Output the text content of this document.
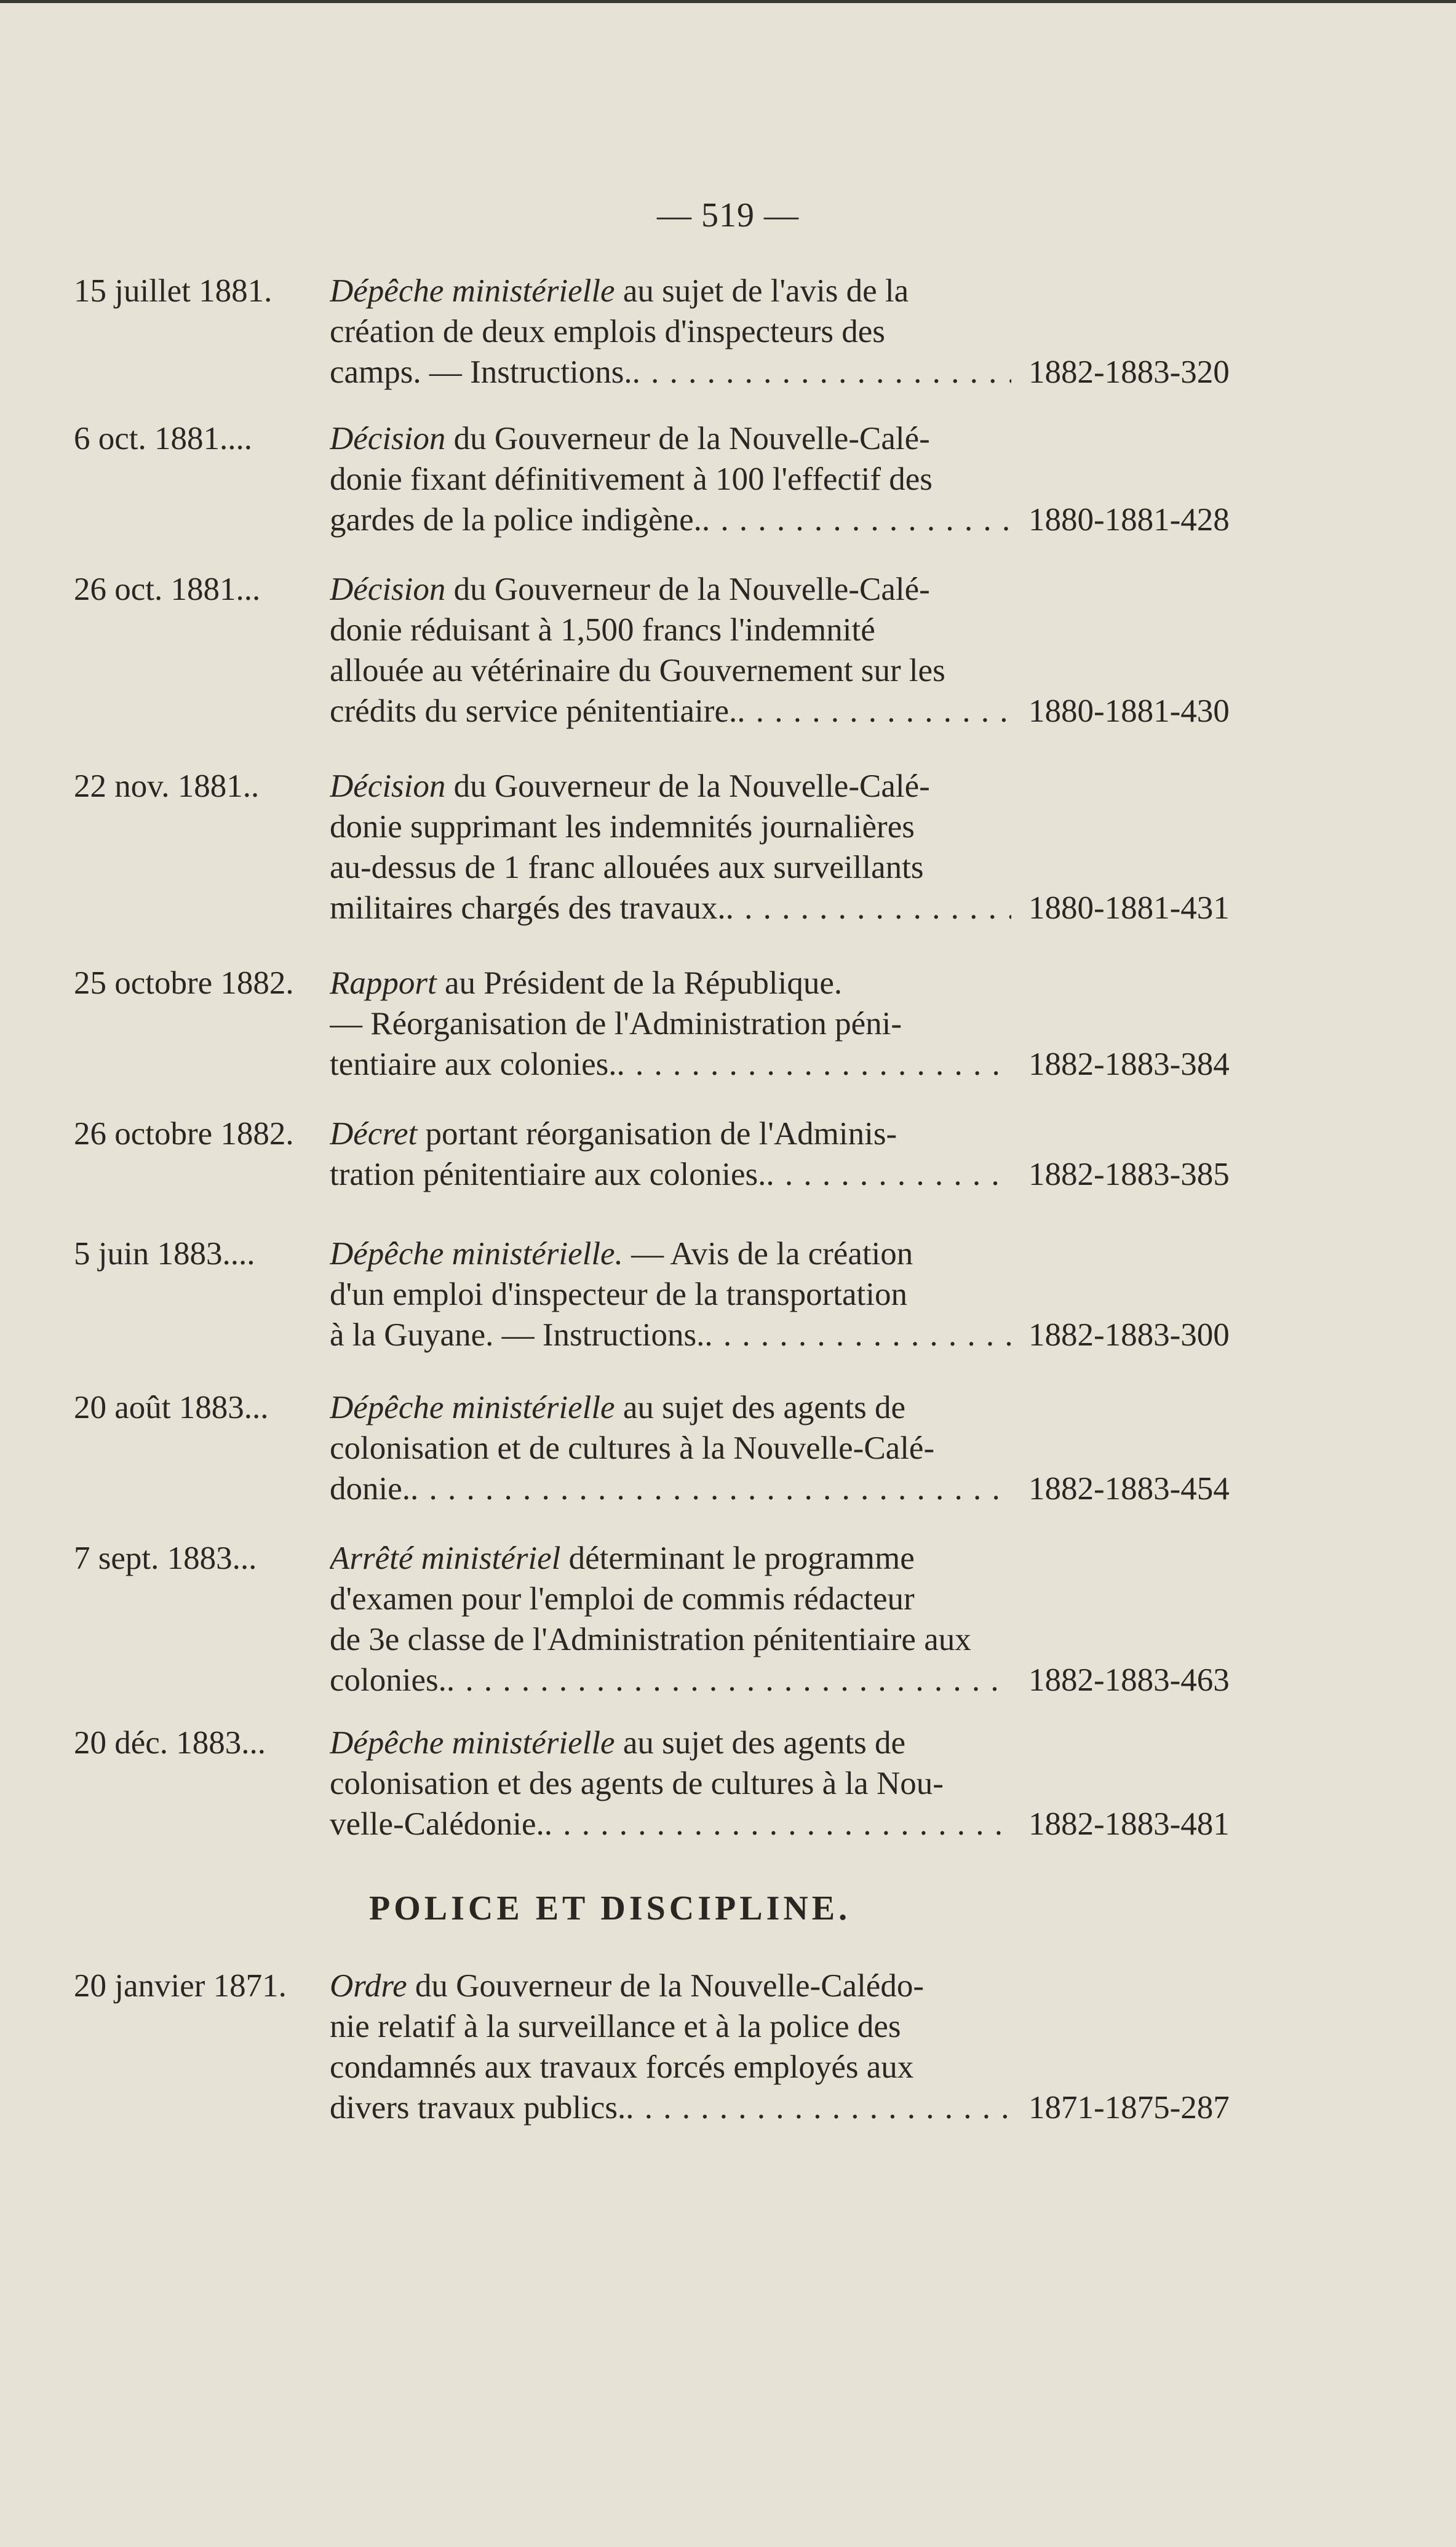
— 519 —
15 juillet 1881. Dépêche ministérielle au sujet de l'avis de la
création de deux emplois d'inspecteurs des
camps. — Instructions. . . .	1882-1883-320
6 oct. 1881.... Décision du Gouverneur de la Nouvelle-Calé-
donie fixant définitivement à 100 l'effectif des
gardes de la police indigène. . . .	1880-1881-428
26 oct. 1881... Décision du Gouverneur de la Nouvelle-Calé-
donie réduisant à 1,500 francs l'indemnité
allouée au vétérinaire du Gouvernement sur les
crédits du service pénitentiaire. . . .	1880-1881-430
22 nov. 1881.. Décision du Gouverneur de la Nouvelle-Calé-
donie supprimant les indemnités journalières
au-dessus de 1 franc allouées aux surveillants
militaires chargés des travaux. . . .	1880-1881-431
25 octobre 1882. Rapport au Président de la République.
— Réorganisation de l'Administration péni-
tentiaire aux colonies. . . .	1882-1883-384
26 octobre 1882. Décret portant réorganisation de l'Adminis-
tration pénitentiaire aux colonies. . . .	1882-1883-385
5 juin 1883.... Dépêche ministérielle. — Avis de la création
d'un emploi d'inspecteur de la transportation
à la Guyane. — Instructions. . . .	1882-1883-300
20 août 1883... Dépêche ministérielle au sujet des agents de
colonisation et de cultures à la Nouvelle-Calé-
donie. . . .	1882-1883-454
7 sept. 1883... Arrêté ministériel déterminant le programme
d'examen pour l'emploi de commis rédacteur
de 3e classe de l'Administration pénitentiaire aux
colonies. . . .	1882-1883-463
20 déc. 1883... Dépêche ministérielle au sujet des agents de
colonisation et des agents de cultures à la Nou-
velle-Calédonie. . . .	1882-1883-481
POLICE ET DISCIPLINE.
20 janvier 1871. Ordre du Gouverneur de la Nouvelle-Calédo-
nie relatif à la surveillance et à la police des
condamnés aux travaux forcés employés aux
divers travaux publics. . . .	1871-1875-287
